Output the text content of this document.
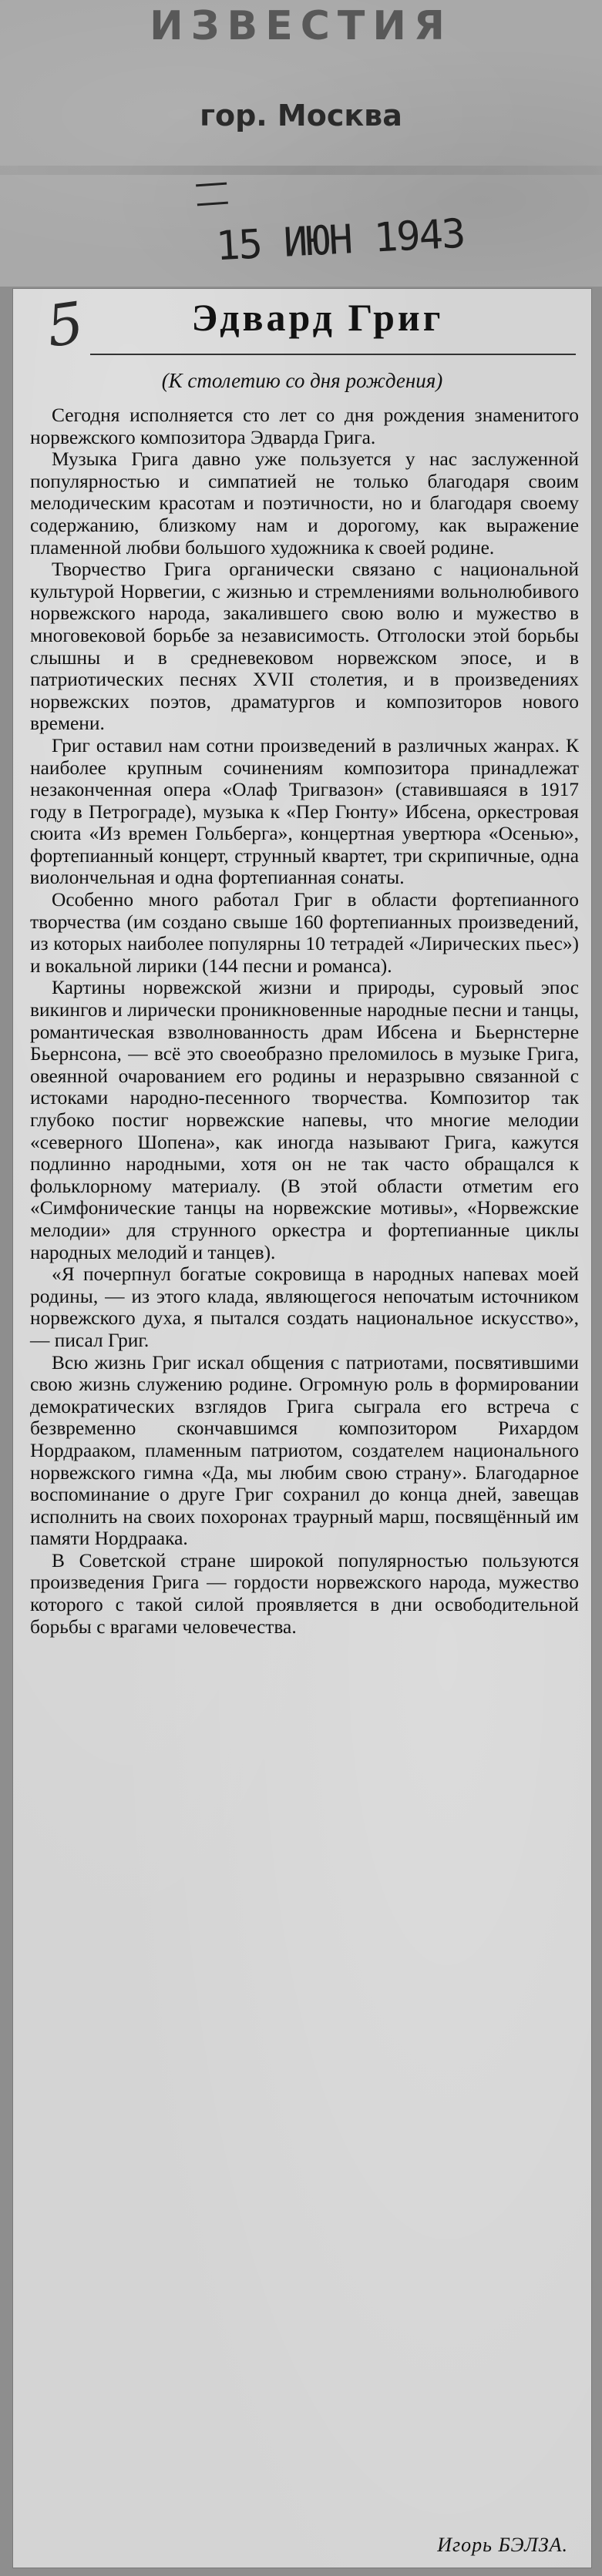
ИЗВЕСТИЯ

гор. Москва

15 ИЮН 1943

5	Эдвард Григ

(К столетию со дня рождения)

Сегодня исполняется сто лет со дня рождения знаменитого норвежского композитора Эдварда Грига.

Музыка Грига давно уже пользуется у нас заслуженной популярностью и симпатией не только благодаря своим мелодическим красотам и поэтичности, но и благодаря своему содержанию, близкому нам и дорогому, как выражение пламенной любви большого художника к своей родине.

Творчество Грига органически связано с национальной культурой Норвегии, с жизнью и стремлениями вольнолюбивого норвежского народа, закалившего свою волю и мужество в многовековой борьбе за независимость. Отголоски этой борьбы слышны и в средневековом норвежском эпосе, и в патриотических песнях XVII столетия, и в произведениях норвежских поэтов, драматургов и композиторов нового времени.

Григ оставил нам сотни произведений в различных жанрах. К наиболее крупным сочинениям композитора принадлежат незаконченная опера «Олаф Тригвазон» (ставившаяся в 1917 году в Петрограде), музыка к «Пер Гюнту» Ибсена, оркестровая сюита «Из времен Гольберга», концертная увертюра «Осенью», фортепианный концерт, струнный квартет, три скрипичные, одна виолончельная и одна фортепианная сонаты.

Особенно много работал Григ в области фортепианного творчества (им создано свыше 160 фортепианных произведений, из которых наиболее популярны 10 тетрадей «Лирических пьес») и вокальной лирики (144 песни и романса).

Картины норвежской жизни и природы, суровый эпос викингов и лирически проникновенные народные песни и танцы, романтическая взволнованность драм Ибсена и Бьернстерне Бьернсона, — всё это своеобразно преломилось в музыке Грига, овеянной очарованием его родины и неразрывно связанной с истоками народно-песенного творчества. Композитор так глубоко постиг норвежские напевы, что многие мелодии «северного Шопена», как иногда называют Грига, кажутся подлинно народными, хотя он не так часто обращался к фольклорному материалу. (В этой области отметим его «Симфонические танцы на норвежские мотивы», «Норвежские мелодии» для струнного оркестра и фортепианные циклы народных мелодий и танцев).

«Я почерпнул богатые сокровища в народных напевах моей родины, — из этого клада, являющегося непочатым источником норвежского духа, я пытался создать национальное искусство», — писал Григ.

Всю жизнь Григ искал общения с патриотами, посвятившими свою жизнь служению родине. Огромную роль в формировании демократических взглядов Грига сыграла его встреча с безвременно скончавшимся композитором Рихардом Нордрааком, пламенным патриотом, создателем национального норвежского гимна «Да, мы любим свою страну». Благодарное воспоминание о друге Григ сохранил до конца дней, завещав исполнить на своих похоронах траурный марш, посвящённый им памяти Нордраака.

В Советской стране широкой популярностью пользуются произведения Грига — гордости норвежского народа, мужество которого с такой силой проявляется в дни освободительной борьбы с врагами человечества.

Игорь БЭЛЗА.
